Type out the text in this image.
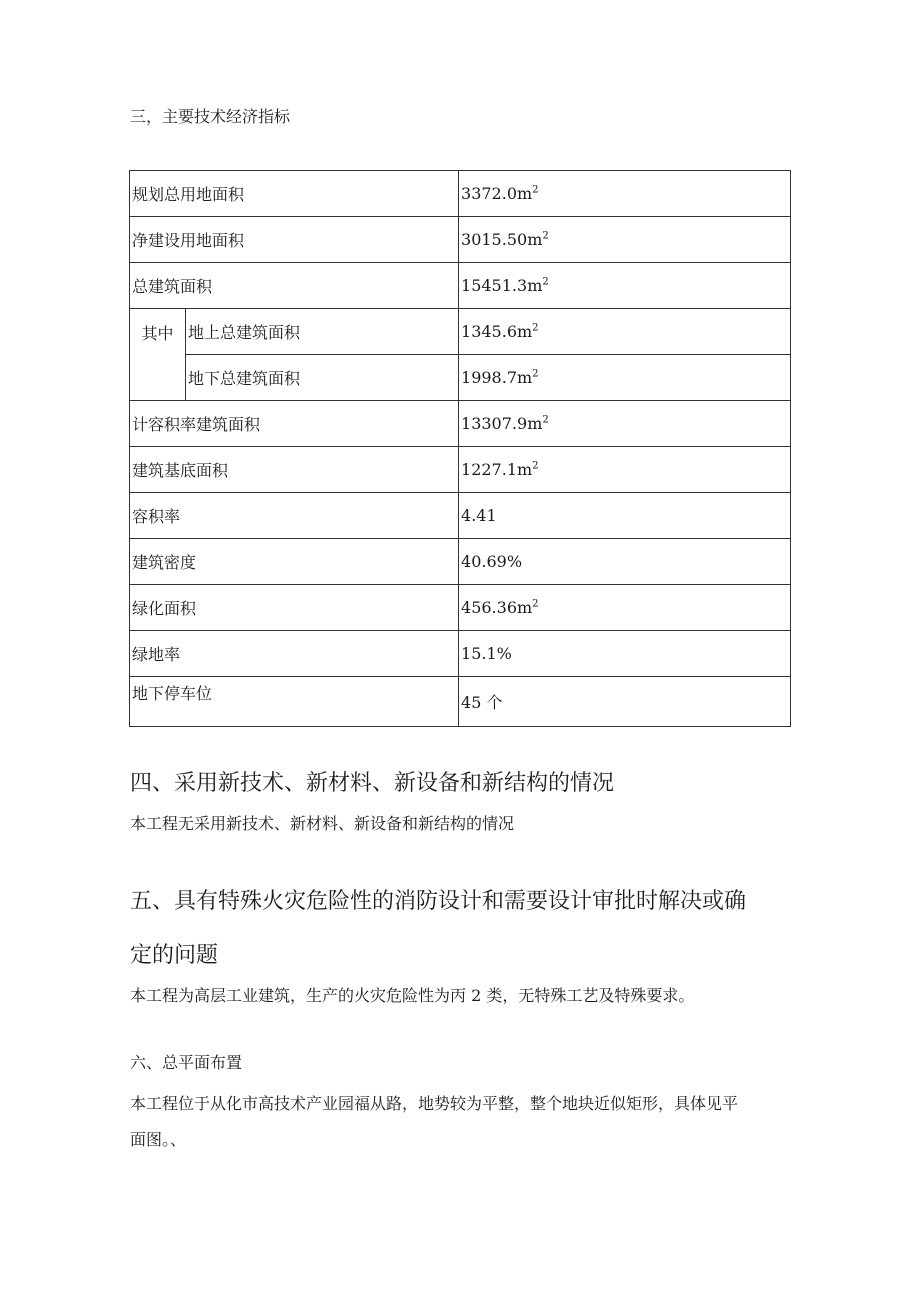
三，主要技术经济指标
规划总用地面积		$3372.0m^2$
净建设用地面积		$3015.50m^2$
总建筑面积		$15451.3m^2$
其中	地上总建筑面积	$1345.6m^2$
	地下总建筑面积	$1998.7m^2$
计容积率建筑面积		$13307.9m^2$
建筑基底面积		$1227.1m^2$
容积率		4.41
建筑密度		40.69%
绿化面积		$456.36m^2$
绿地率		15.1%
地下停车位		45 个
四、采用新技术、新材料、新设备和新结构的情况
本工程无采用新技术、新材料、新设备和新结构的情况
五、具有特殊火灾危险性的消防设计和需要设计审批时解决或确
定的问题
本工程为高层工业建筑，生产的火灾危险性为丙 2 类，无特殊工艺及特殊要求。
六、总平面布置
本工程位于从化市高技术产业园福从路，地势较为平整，整个地块近似矩形，具体见平
面图。、
